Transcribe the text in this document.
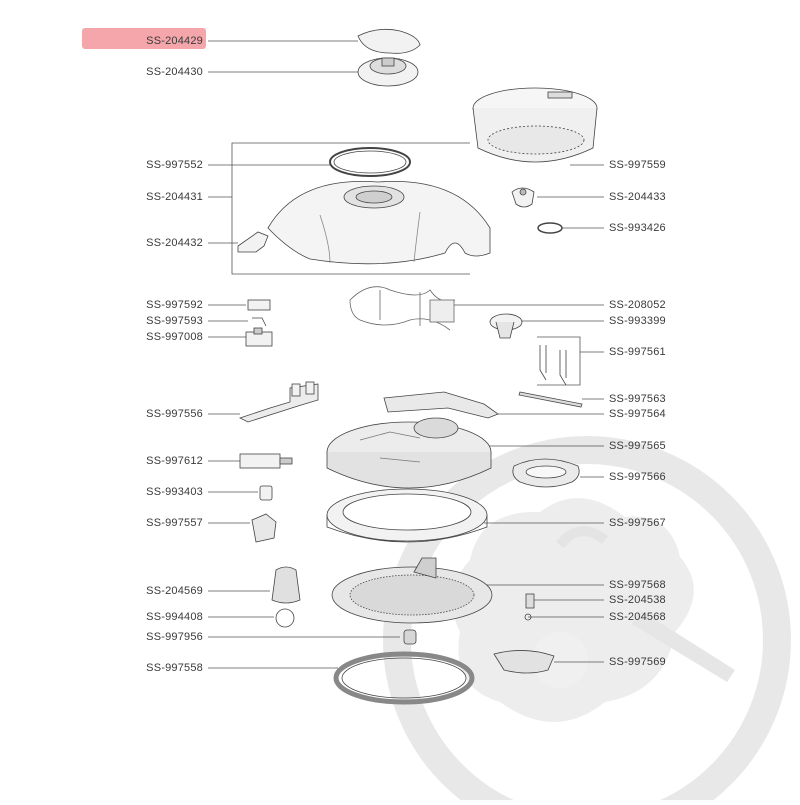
SS-204429
SS-204430
SS-997552
SS-204431
SS-204432
SS-997592
SS-997593
SS-997008
SS-997556
SS-997612
SS-993403
SS-997557
SS-204569
SS-994408
SS-997956
SS-997558
SS-997559
SS-204433
SS-993426
SS-208052
SS-993399
SS-997561
SS-997563
SS-997564
SS-997565
SS-997566
SS-997567
SS-997568
SS-204538
SS-204568
SS-997569
